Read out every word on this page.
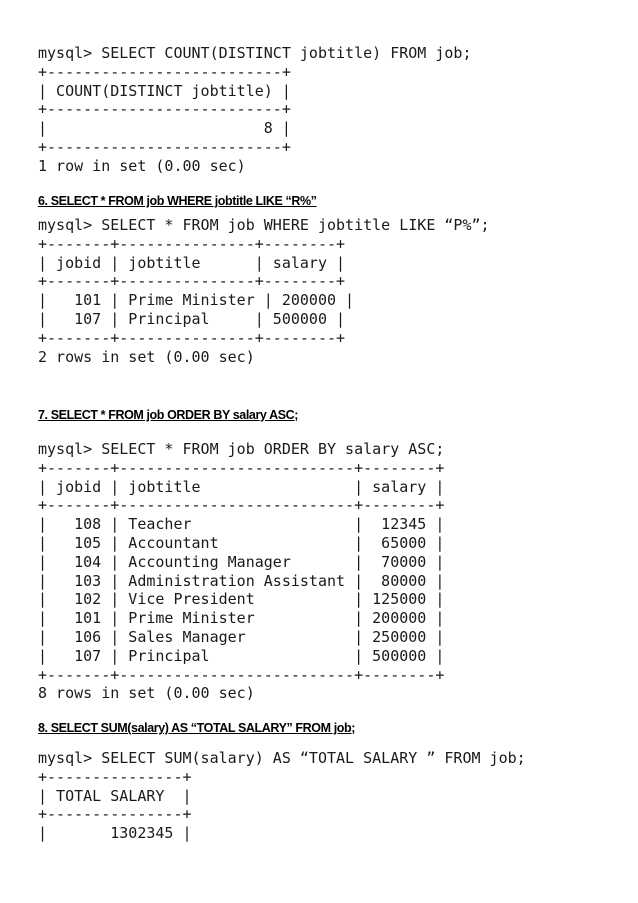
mysql> SELECT COUNT(DISTINCT jobtitle) FROM job;
+--------------------------+
| COUNT(DISTINCT jobtitle) |
+--------------------------+
|                        8 |
+--------------------------+
1 row in set (0.00 sec)
6. SELECT * FROM job WHERE jobtitle LIKE “R%”
mysql> SELECT * FROM job WHERE jobtitle LIKE “P%”;
+-------+---------------+--------+
| jobid | jobtitle      | salary |
+-------+---------------+--------+
|   101 | Prime Minister | 200000 |
|   107 | Principal     | 500000 |
+-------+---------------+--------+
2 rows in set (0.00 sec)
7. SELECT * FROM job ORDER BY salary ASC;
mysql> SELECT * FROM job ORDER BY salary ASC;
+-------+--------------------------+--------+
| jobid | jobtitle                 | salary |
+-------+--------------------------+--------+
|   108 | Teacher                  |  12345 |
|   105 | Accountant               |  65000 |
|   104 | Accounting Manager       |  70000 |
|   103 | Administration Assistant |  80000 |
|   102 | Vice President           | 125000 |
|   101 | Prime Minister           | 200000 |
|   106 | Sales Manager            | 250000 |
|   107 | Principal                | 500000 |
+-------+--------------------------+--------+
8 rows in set (0.00 sec)
8. SELECT SUM(salary) AS “TOTAL SALARY” FROM job;
mysql> SELECT SUM(salary) AS “TOTAL SALARY ” FROM job;
+---------------+
| TOTAL SALARY  |
+---------------+
|       1302345 |
